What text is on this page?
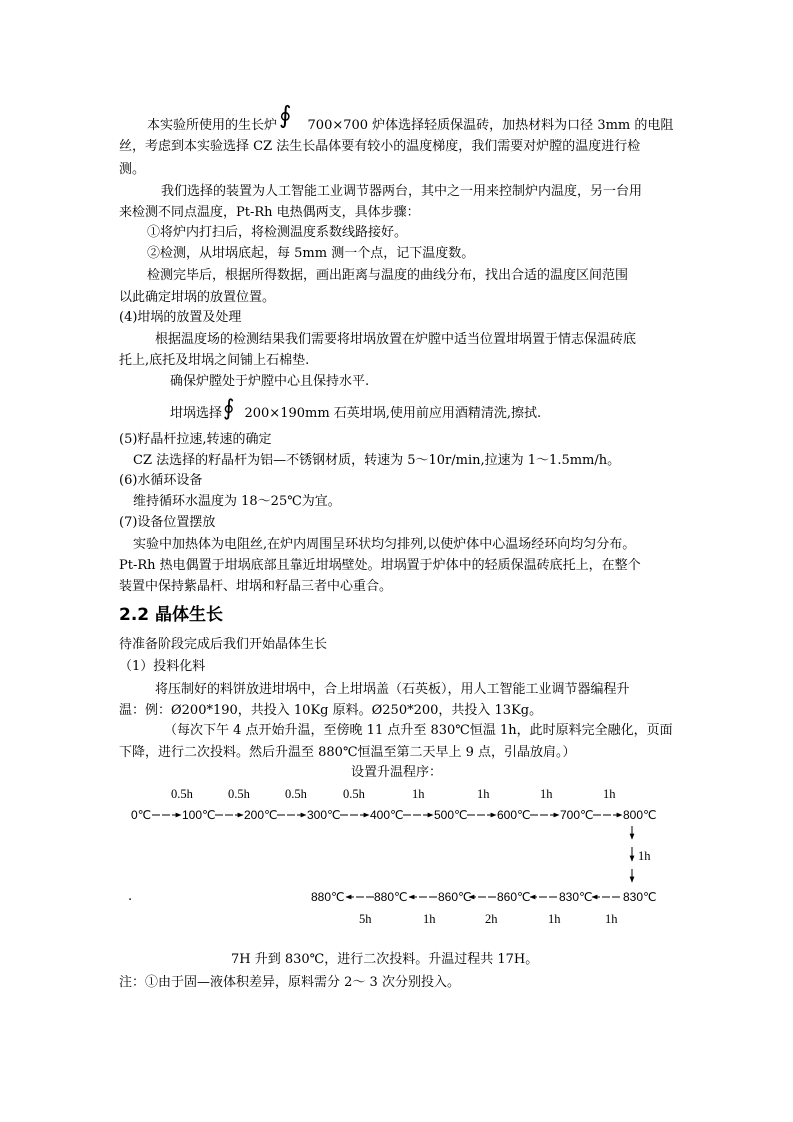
本实验所使用的生长炉∮ 700×700 炉体选择轻质保温砖，加热材料为口径 3mm 的电阻
丝，考虑到本实验选择 CZ 法生长晶体要有较小的温度梯度，我们需要对炉膛的温度进行检
测。
我们选择的装置为人工智能工业调节器两台，其中之一用来控制炉内温度，另一台用
来检测不同点温度，Pt-Rh 电热偶两支，具体步骤：
①将炉内打扫后，将检测温度系数线路接好。
②检测，从坩埚底起，每 5mm 测一个点，记下温度数。
检测完毕后，根据所得数据，画出距离与温度的曲线分布，找出合适的温度区间范围
以此确定坩埚的放置位置。
(4)坩埚的放置及处理
根据温度场的检测结果我们需要将坩埚放置在炉膛中适当位置坩埚置于情志保温砖底
托上,底托及坩埚之间铺上石棉垫.
确保炉膛处于炉膛中心且保持水平.
坩埚选择∮ 200×190mm 石英坩埚,使用前应用酒精清洗,擦拭.
(5)籽晶杆拉速,转速的确定
CZ 法选择的籽晶杆为铝—不锈钢材质，转速为 5～10r/min,拉速为 1～1.5mm/h。
(6)水循环设备
维持循环水温度为 18～25℃为宜。
(7)设备位置摆放
实验中加热体为电阻丝,在炉内周围呈环状均匀排列,以使炉体中心温场经环向均匀分布。
Pt-Rh 热电偶置于坩埚底部且靠近坩埚壁处。坩埚置于炉体中的轻质保温砖底托上，在整个
装置中保持紫晶杆、坩埚和籽晶三者中心重合。
2.2 晶体生长
待准备阶段完成后我们开始晶体生长
（1）投料化料
将压制好的料饼放进坩埚中，合上坩埚盖（石英板），用人工智能工业调节器编程升
温：例：Ø200*190，共投入 10Kg 原料。Ø250*200，共投入 13Kg。
（每次下午 4 点开始升温，至傍晚 11 点升至 830℃恒温 1h，此时原料完全融化，页面
下降，进行二次投料。然后升温至 880℃恒温至第二天早上 9 点，引晶放肩。）
设置升温程序：
0.5h	0.5h	0.5h	0.5h	1h	1h	1h	1h
0℃	100℃ 200℃ 300℃ 400℃	500℃ 600℃ 700℃ 800℃
1h
.	880℃ 880℃	860℃ 860℃ 830℃	830℃
5h	1h	2h	1h	1h
7H 升到 830℃，进行二次投料。升温过程共 17H。
注：①由于固—液体积差异，原料需分 2～ 3 次分别投入。
